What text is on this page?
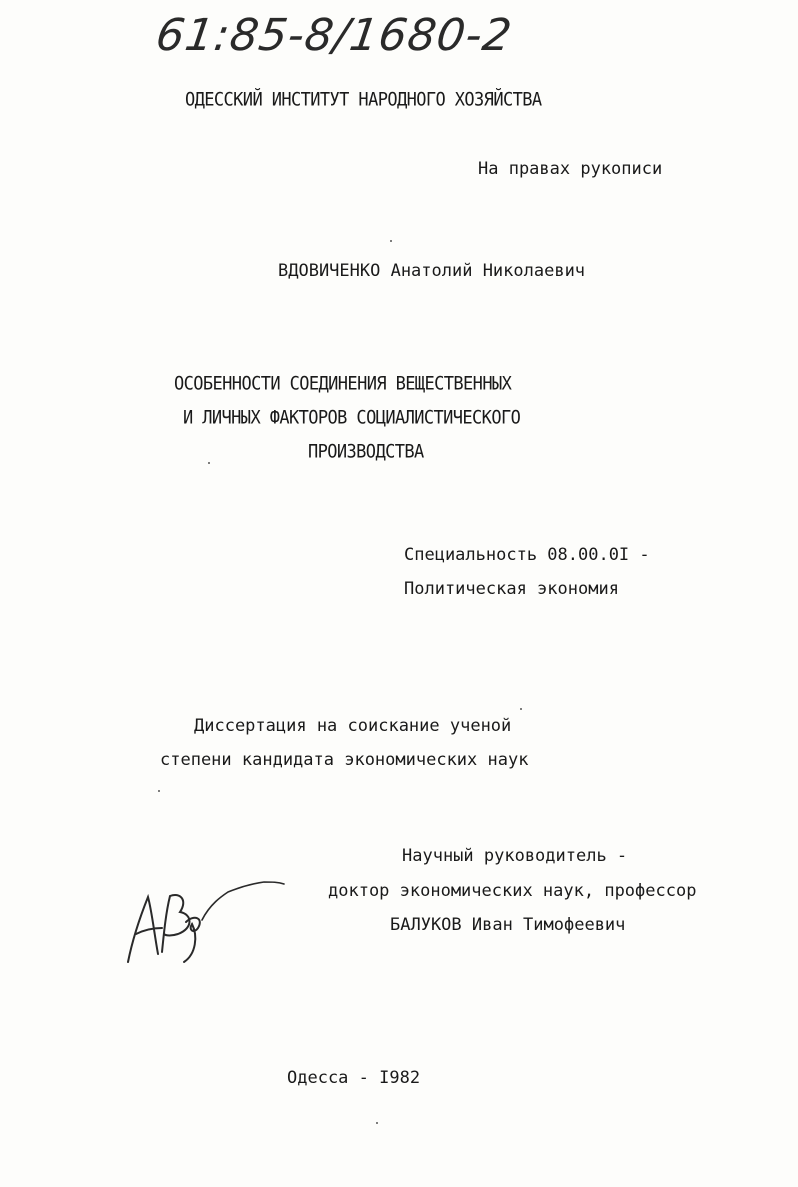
61:85-8/1680-2
ОДЕССКИЙ ИНСТИТУТ НАРОДНОГО ХОЗЯЙСТВА
На правах рукописи
ВДОВИЧЕНКО Анатолий Николаевич
ОСОБЕННОСТИ СОЕДИНЕНИЯ ВЕЩЕСТВЕННЫХ
И ЛИЧНЫХ ФАКТОРОВ СОЦИАЛИСТИЧЕСКОГО
ПРОИЗВОДСТВА
Специальность 08.00.0I -
Политическая экономия
Диссертация на соискание ученой
степени кандидата экономических наук
Научный руководитель -
доктор экономических наук, профессор
БАЛУКОВ Иван Тимофеевич
Одесса - I982
